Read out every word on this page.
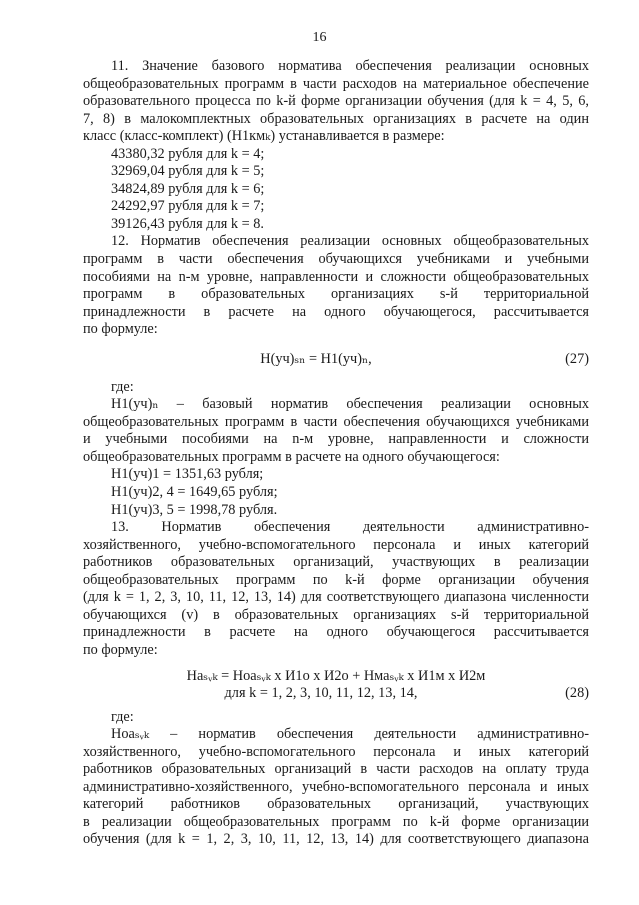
16

11. Значение базового норматива обеспечения реализации основных

общеобразовательных программ в части расходов на материальное обеспечение

образовательного процесса по k-й форме организации обучения (для k = 4, 5, 6,

7, 8) в малокомплектных образовательных организациях в расчете на один

класс (класс-комплект) (Н1кмₖ) устанавливается в размере:

43380,32 рубля для k = 4;

32969,04 рубля для k = 5;

34824,89 рубля для k = 6;

24292,97 рубля для k = 7;

39126,43 рубля для k = 8.

12. Норматив обеспечения реализации основных общеобразовательных

программ в части обеспечения обучающихся учебниками и учебными

пособиями на n-м уровне, направленности и сложности общеобразовательных

программ в образовательных организациях s-й территориальной

принадлежности в расчете на одного обучающегося, рассчитывается

по формуле:

Н(уч)ₛₙ = Н1(уч)ₙ,	(27)

где:

Н1(уч)ₙ – базовый норматив обеспечения реализации основных

общеобразовательных программ в части обеспечения обучающихся учебниками

и учебными пособиями на n-м уровне, направленности и сложности

общеобразовательных программ в расчете на одного обучающегося:

Н1(уч)1 = 1351,63 рубля;

Н1(уч)2, 4 = 1649,65 рубля;

Н1(уч)3, 5 = 1998,78 рубля.

13. Норматив обеспечения деятельности административно-

хозяйственного, учебно-вспомогательного персонала и иных категорий

работников образовательных организаций, участвующих в реализации

общеобразовательных программ по k-й форме организации обучения

(для k = 1, 2, 3, 10, 11, 12, 13, 14) для соответствующего диапазона численности

обучающихся (v) в образовательных организациях s-й территориальной

принадлежности в расчете на одного обучающегося рассчитывается

по формуле:

Наₛᵥₖ = Ноаₛᵥₖ х И1о х И2о + Нмаₛᵥₖ х И1м х И2м

для k = 1, 2, 3, 10, 11, 12, 13, 14,	(28)

где:

Ноаₛᵥₖ – норматив обеспечения деятельности административно-

хозяйственного, учебно-вспомогательного персонала и иных категорий

работников образовательных организаций в части расходов на оплату труда

административно-хозяйственного, учебно-вспомогательного персонала и иных

категорий работников образовательных организаций, участвующих

в реализации общеобразовательных программ по k-й форме организации

обучения (для k = 1, 2, 3, 10, 11, 12, 13, 14) для соответствующего диапазона
